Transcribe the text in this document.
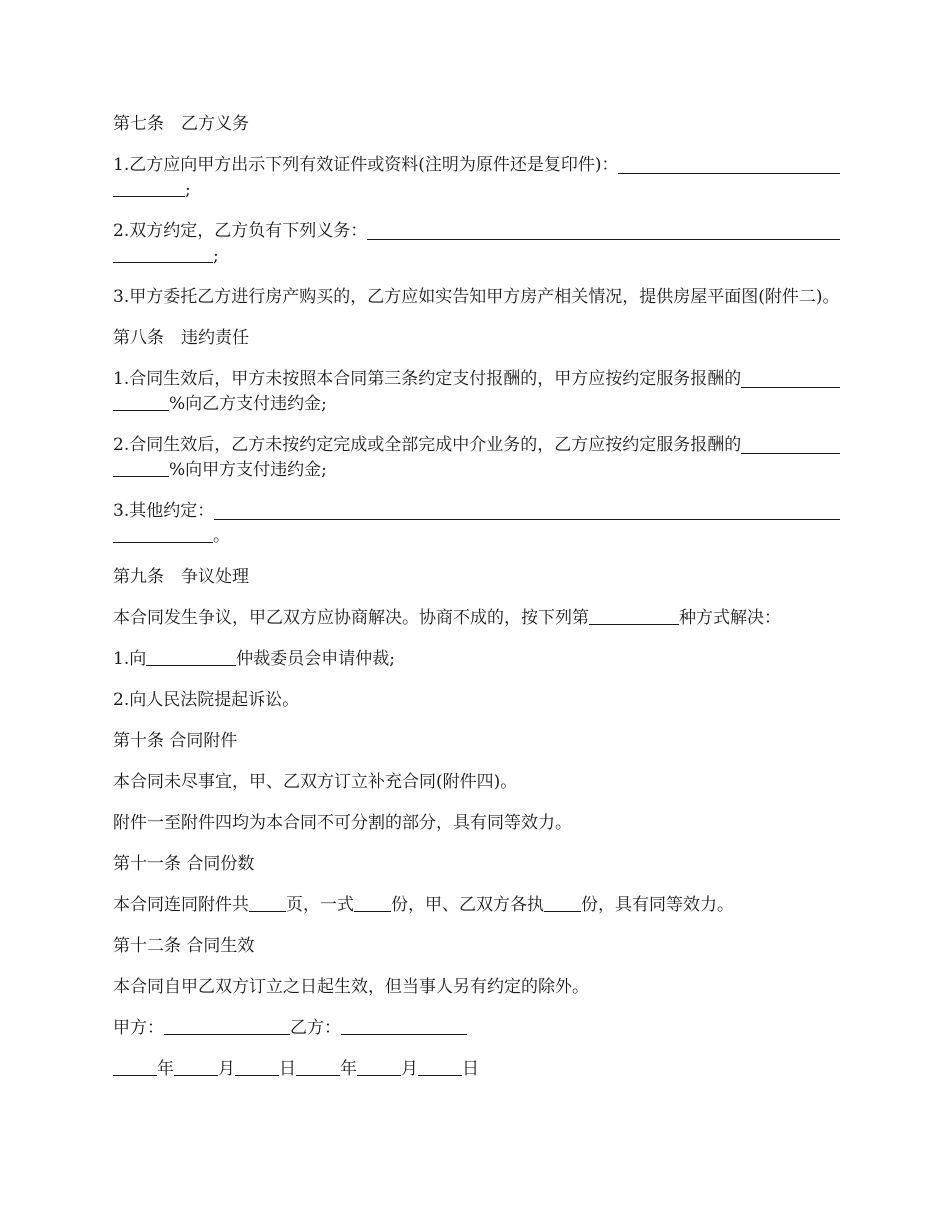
第七条　乙方义务

1.乙方应向甲方出示下列有效证件或资料(注明为原件还是复印件)：
;
2.双方约定，乙方负有下列义务：
;

3.甲方委托乙方进行房产购买的，乙方应如实告知甲方房产相关情况，提供房屋平面图(附件二)。

第八条　违约责任

1.合同生效后，甲方未按照本合同第三条约定支付报酬的，甲方应按约定服务报酬的
%向乙方支付违约金;
2.合同生效后，乙方未按约定完成或全部完成中介业务的，乙方应按约定服务报酬的
%向甲方支付违约金;
3.其他约定：
。

第九条　争议处理

本合同发生争议，甲乙双方应协商解决。协商不成的，按下列第	种方式解决：

1.向	仲裁委员会申请仲裁;

2.向人民法院提起诉讼。

第十条 合同附件

本合同未尽事宜，甲、乙双方订立补充合同(附件四)。

附件一至附件四均为本合同不可分割的部分，具有同等效力。

第十一条 合同份数

本合同连同附件共 页，一式 份，甲、乙双方各执 份，具有同等效力。

第十二条 合同生效

本合同自甲乙双方订立之日起生效，但当事人另有约定的除外。

甲方：	乙方：

年	月	日	年	月	日
